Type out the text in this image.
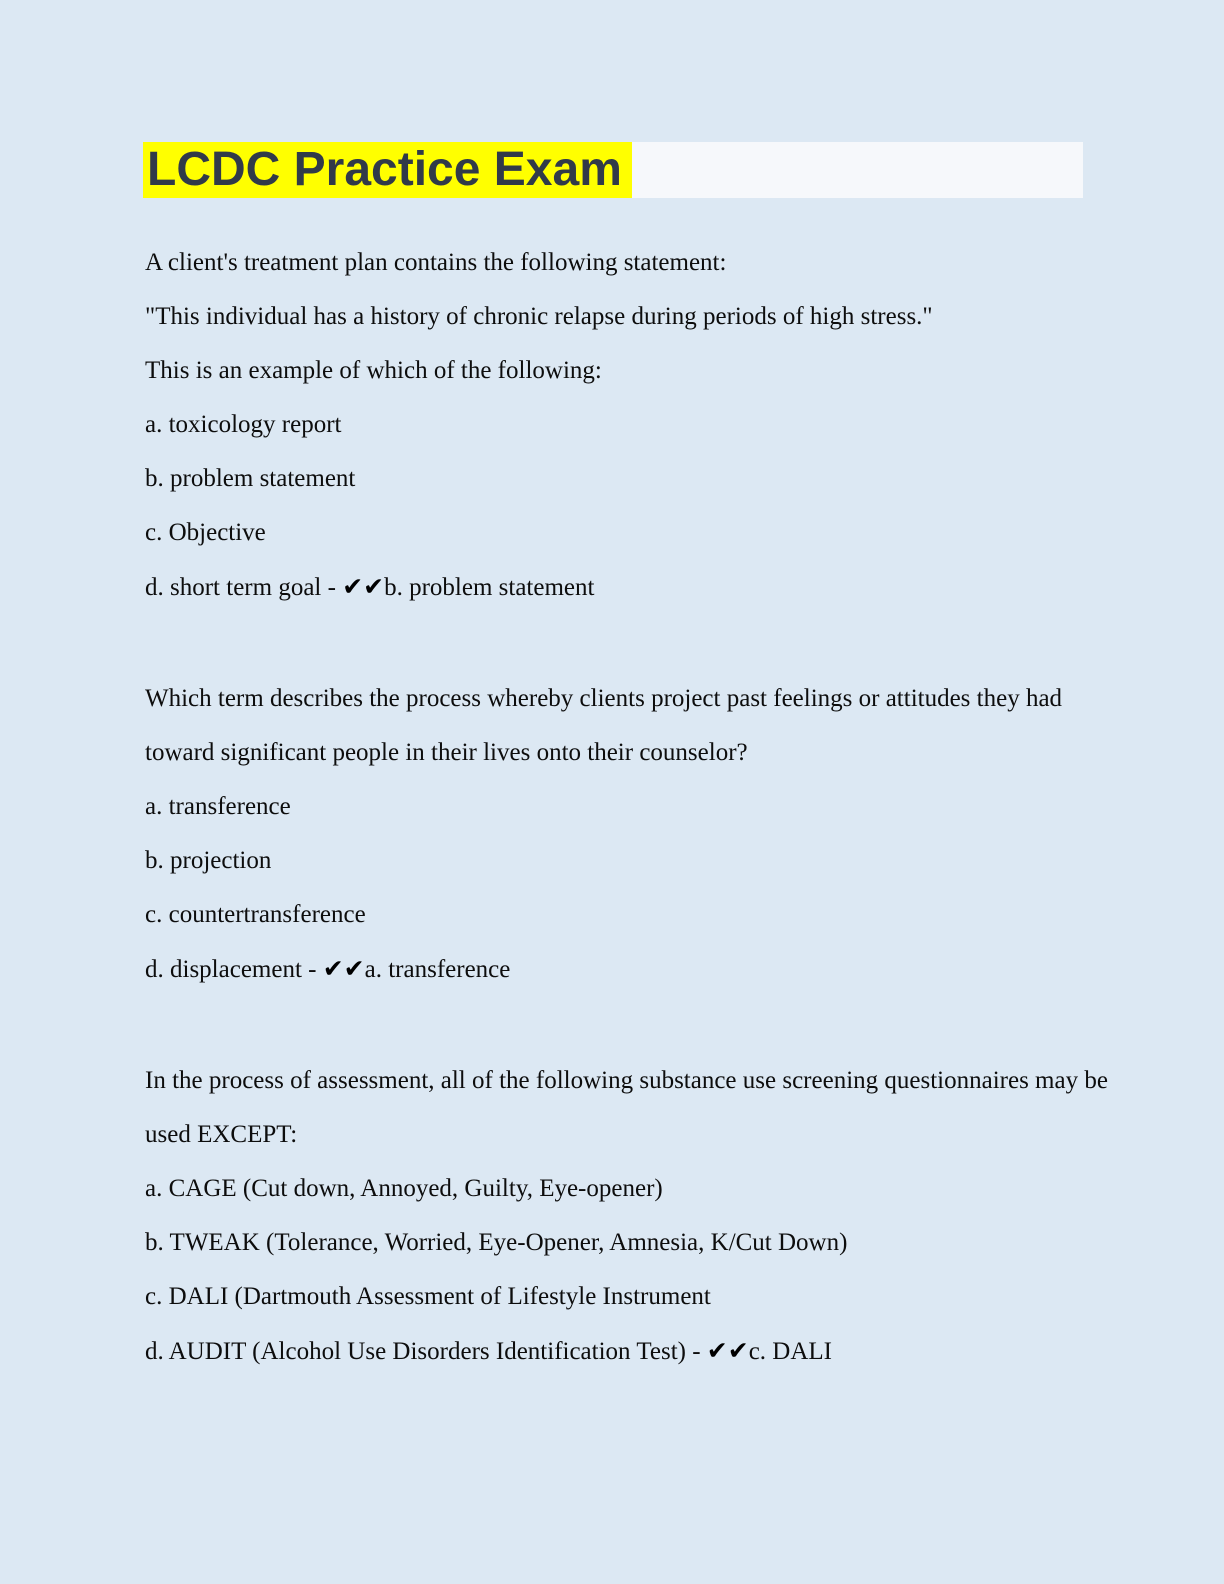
LCDC Practice Exam

A client's treatment plan contains the following statement:

"This individual has a history of chronic relapse during periods of high stress."

This is an example of which of the following:

a. toxicology report

b. problem statement

c. Objective

d. short term goal - ✔✔b. problem statement

Which term describes the process whereby clients project past feelings or attitudes they had

toward significant people in their lives onto their counselor?

a. transference

b. projection

c. countertransference

d. displacement - ✔✔a. transference

In the process of assessment, all of the following substance use screening questionnaires may be

used EXCEPT:

a. CAGE (Cut down, Annoyed, Guilty, Eye-opener)

b. TWEAK (Tolerance, Worried, Eye-Opener, Amnesia, K/Cut Down)

c. DALI (Dartmouth Assessment of Lifestyle Instrument

d. AUDIT (Alcohol Use Disorders Identification Test) - ✔✔c. DALI
